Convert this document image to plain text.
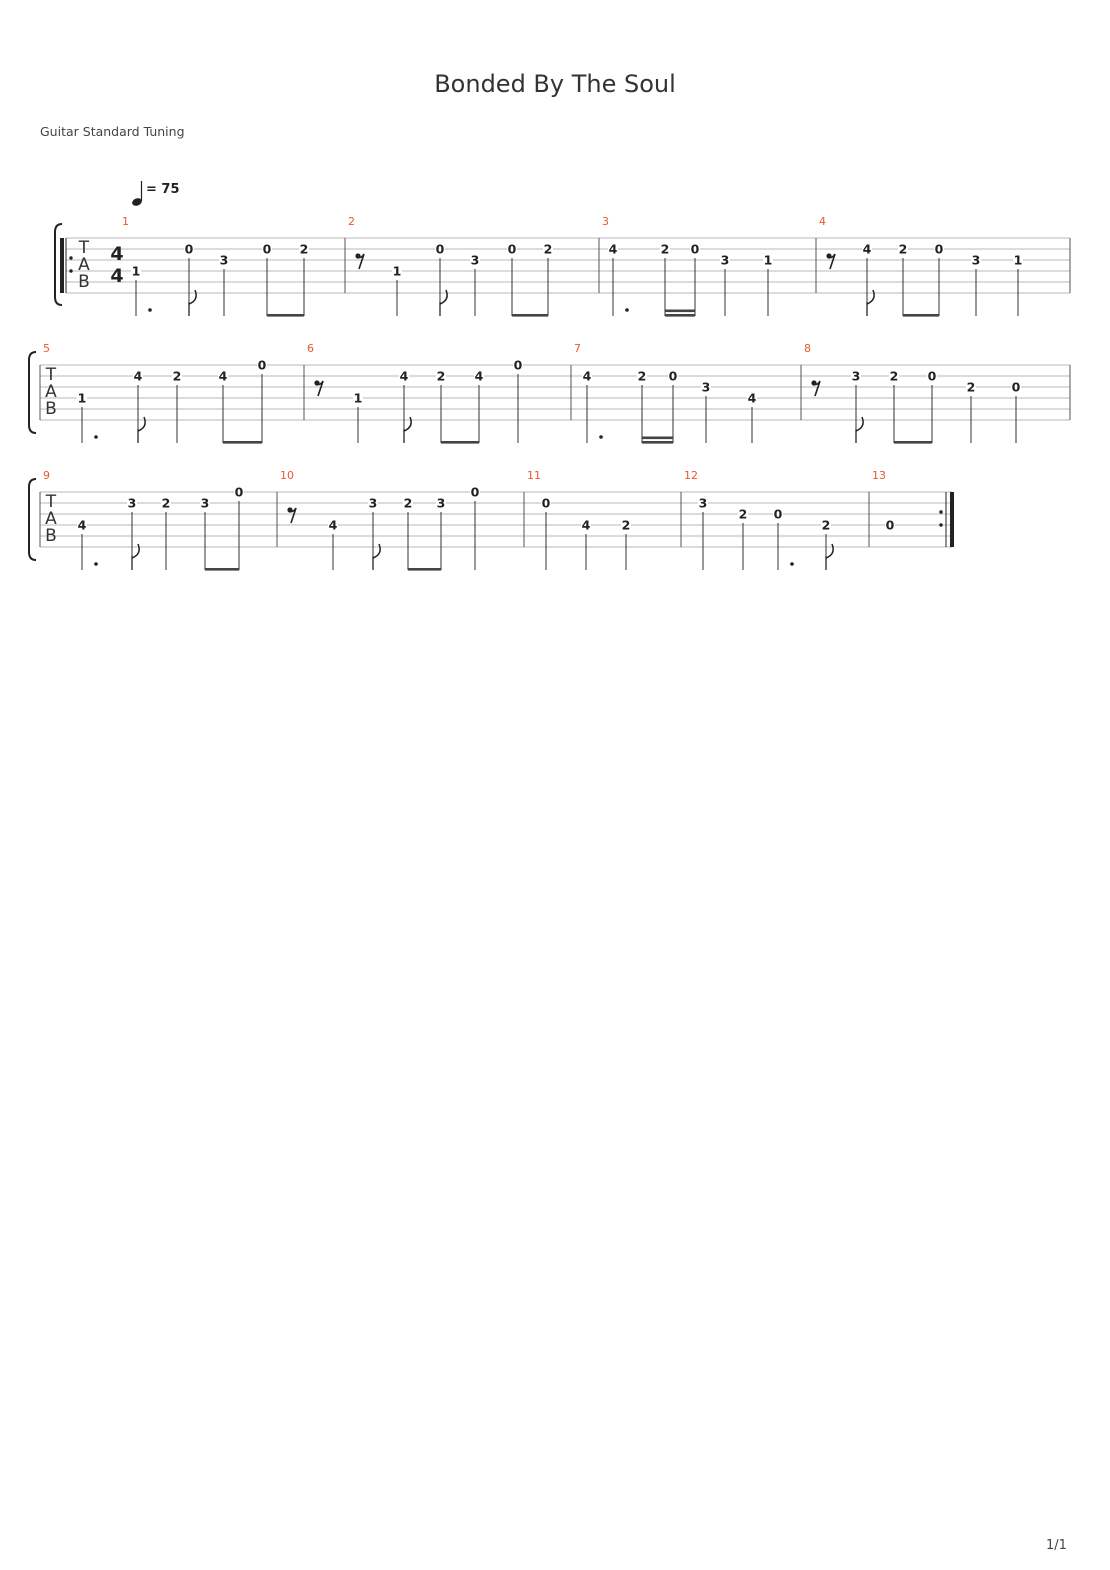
Bonded By The Soul
Guitar Standard Tuning
= 75
T
A
B
4
4
1
1
0
3
0 2
2
1
0
3
0 2
3
4	2 0
3	1
4
4 2 0
3	1
T
A
B
5
1
4 2	4
0
6
1
4 2 4
0
7
4	2 0
3
4
8
3 2 0
2	0
T
A
B
9
4
3 2 3
0
10
4
3 2 3
0
11
0
4	2
12
3
2 0
2
13
0
1/1
